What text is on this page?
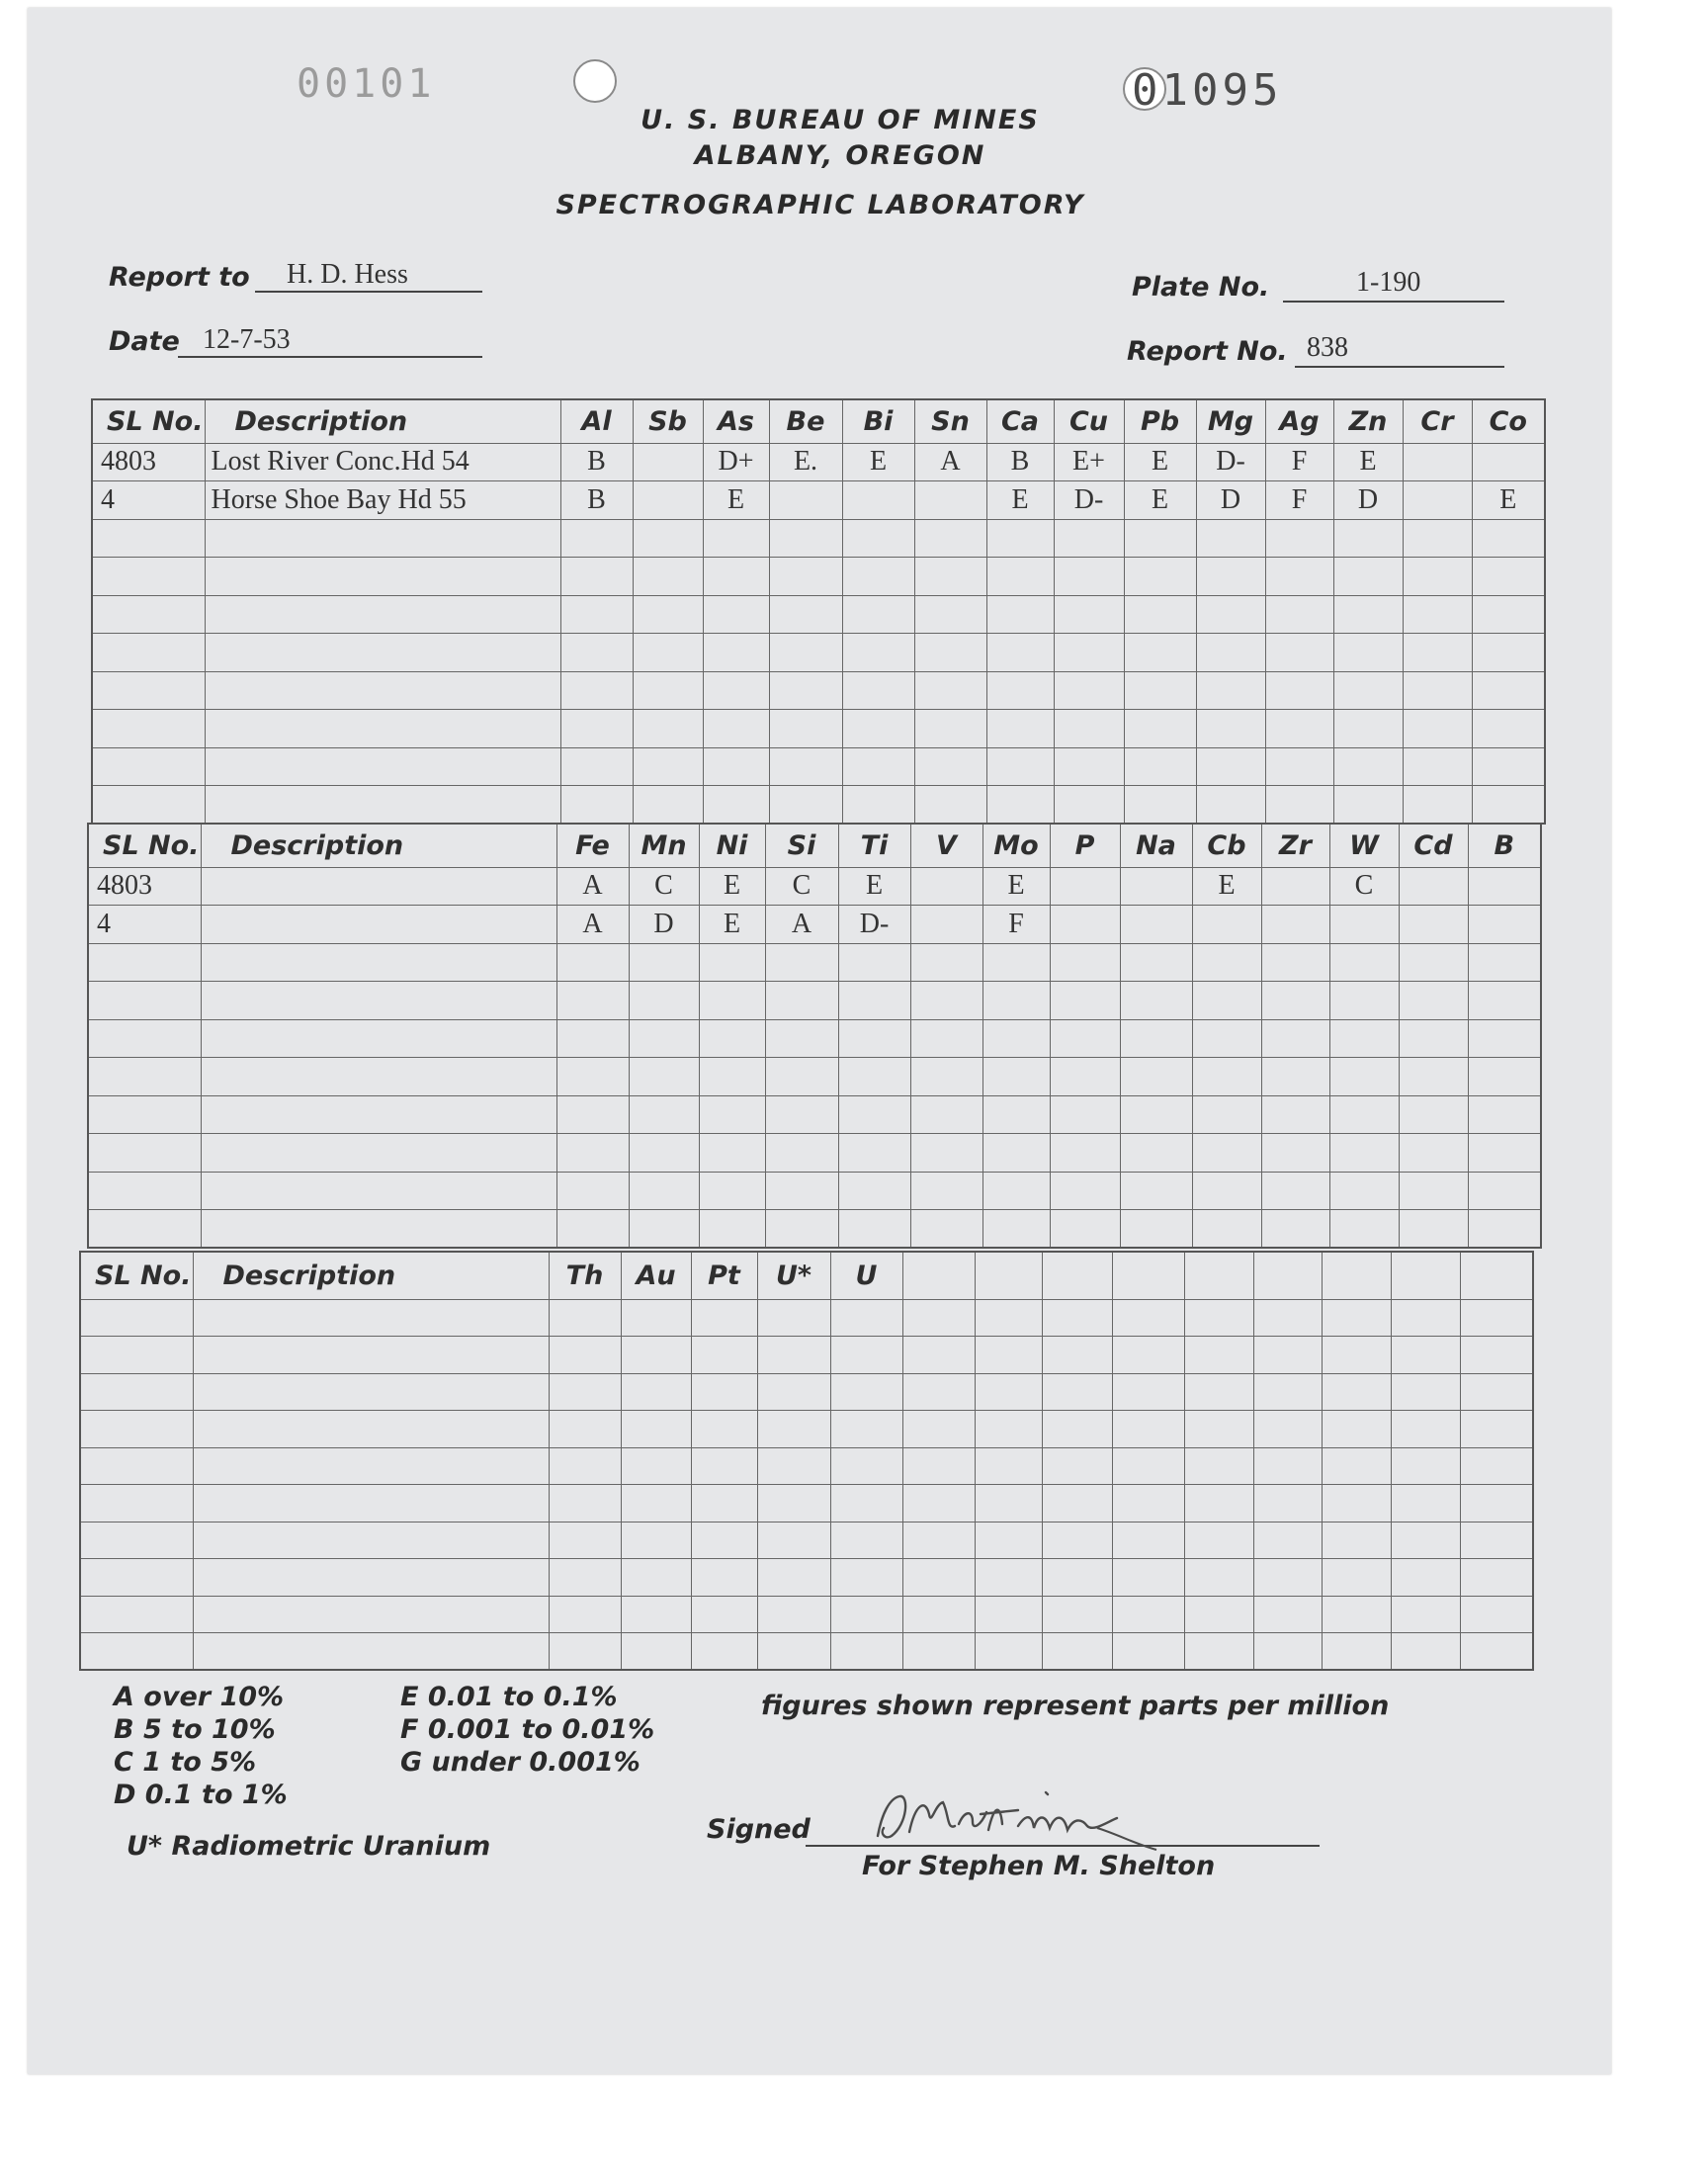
00101	01095
U. S. BUREAU OF MINES
ALBANY, OREGON
SPECTROGRAPHIC LABORATORY
Report to H. D. Hess
Date 12-7-53
Plate No.	1-190
Report No. 838
SL No.	Description	Al	Sb	As	Be	Bi	Sn	Ca	Cu	Pb	Mg	Ag	Zn	Cr	Co
4803	Lost River Conc.Hd 54	B		D+	E.	E	A	B	E+	E	D-	F	E		
4	Horse Shoe Bay Hd 55	B		E				E	D-	E	D	F	D		E

SL No.	Description	Fe	Mn	Ni	Si	Ti	V	Mo	P	Na	Cb	Zr	W	Cd	B
4803		A	C	E	C	E		E			E		C		
4		A	D	E	A	D-		F							

SL No.	Description	Th	Au	Pt	U*	U									

A over 10%
B 5 to 10%
C 1 to 5%
D 0.1 to 1%
E 0.01 to 0.1%
F 0.001 to 0.01%
G under 0.001%
figures shown represent parts per million
U* Radiometric Uranium
Signed
For Stephen M. Shelton
